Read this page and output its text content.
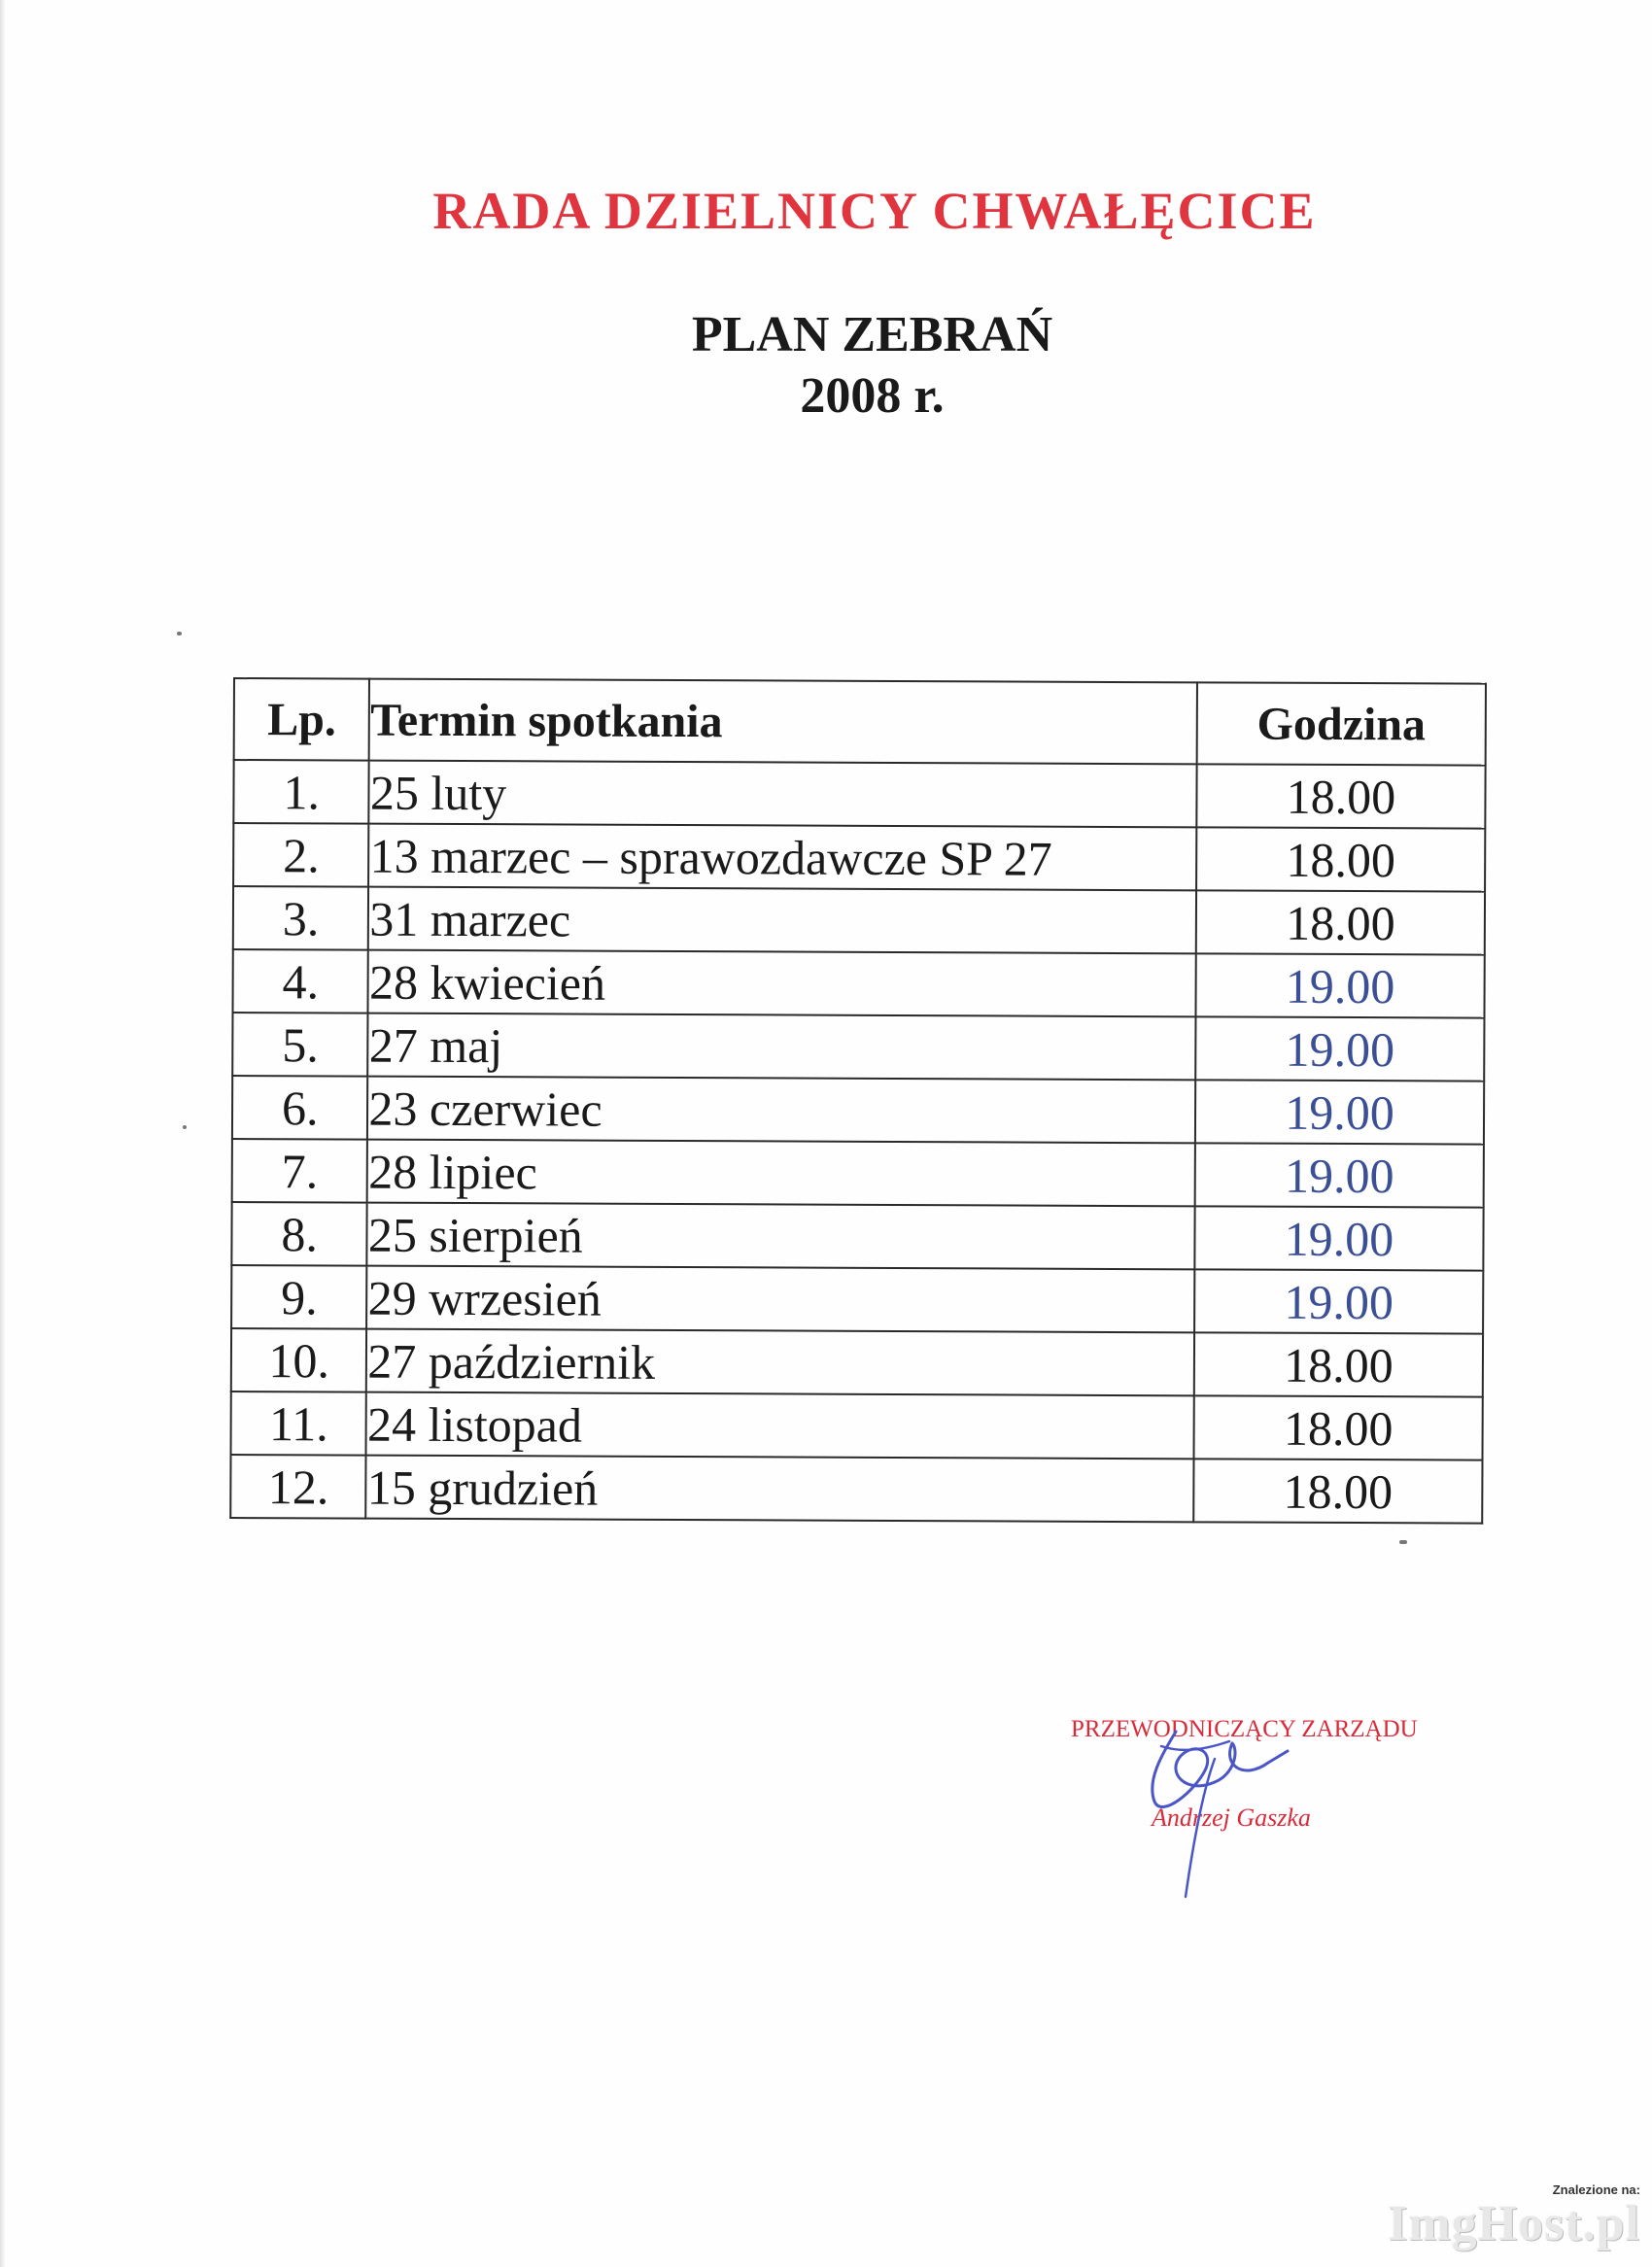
RADA DZIELNICY CHWAŁĘCICE
PLAN ZEBRAŃ
2008 r.
Lp.	Termin spotkania	Godzina
1.	25 luty	18.00
2.	13 marzec – sprawozdawcze SP 27	18.00
3.	31 marzec	18.00
4.	28 kwiecień	19.00
5.	27 maj	19.00
6.	23 czerwiec	19.00
7.	28 lipiec	19.00
8.	25 sierpień	19.00
9.	29 wrzesień	19.00
10.	27 październik	18.00
11.	24 listopad	18.00
12.	15 grudzień	18.00
PRZEWODNICZĄCY ZARZĄDU
Andrzej Gaszka
Znalezione na:
ImgHost.pl
